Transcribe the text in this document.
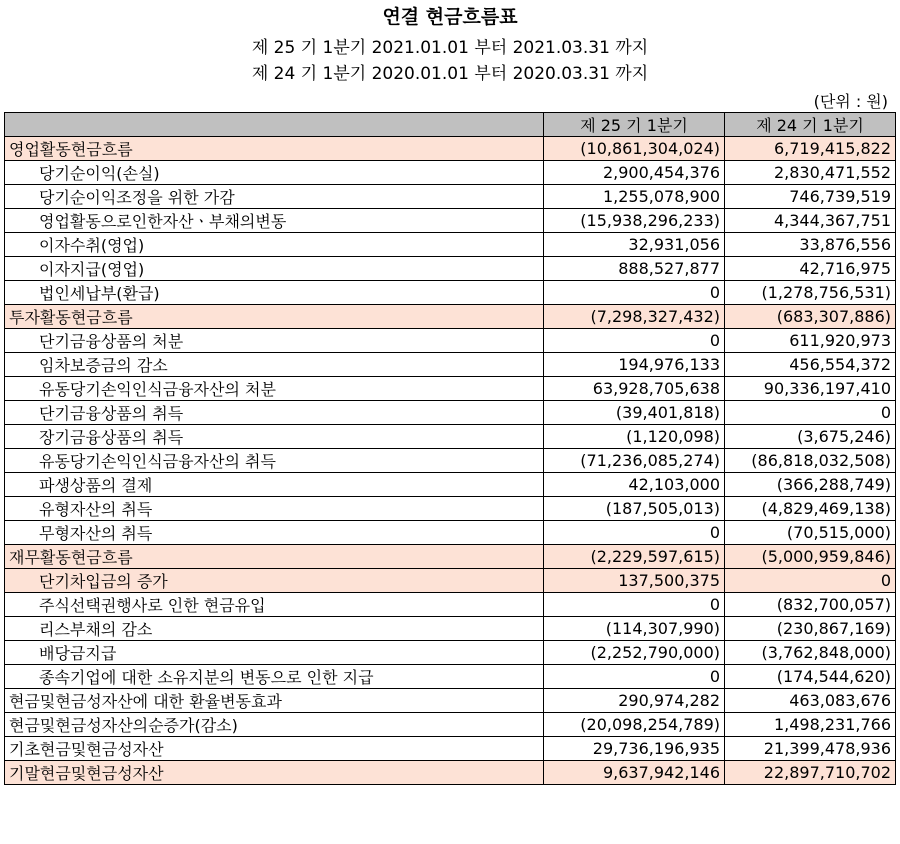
연결 현금흐름표
제 25 기 1분기 2021.01.01 부터 2021.03.31 까지
제 24 기 1분기 2020.01.01 부터 2020.03.31 까지
(단위 : 원)
	제 25 기 1분기	제 24 기 1분기
영업활동현금흐름	(10,861,304,024)	6,719,415,822
당기순이익(손실)	2,900,454,376	2,830,471,552
당기순이익조정을 위한 가감	1,255,078,900	746,739,519
영업활동으로인한자산ㆍ부채의변동	(15,938,296,233)	4,344,367,751
이자수취(영업)	32,931,056	33,876,556
이자지급(영업)	888,527,877	42,716,975
법인세납부(환급)	0	(1,278,756,531)
투자활동현금흐름	(7,298,327,432)	(683,307,886)
단기금융상품의 처분	0	611,920,973
임차보증금의 감소	194,976,133	456,554,372
유동당기손익인식금융자산의 처분	63,928,705,638	90,336,197,410
단기금융상품의 취득	(39,401,818)	0
장기금융상품의 취득	(1,120,098)	(3,675,246)
유동당기손익인식금융자산의 취득	(71,236,085,274)	(86,818,032,508)
파생상품의 결제	42,103,000	(366,288,749)
유형자산의 취득	(187,505,013)	(4,829,469,138)
무형자산의 취득	0	(70,515,000)
재무활동현금흐름	(2,229,597,615)	(5,000,959,846)
단기차입금의 증가	137,500,375	0
주식선택권행사로 인한 현금유입	0	(832,700,057)
리스부채의 감소	(114,307,990)	(230,867,169)
배당금지급	(2,252,790,000)	(3,762,848,000)
종속기업에 대한 소유지분의 변동으로 인한 지급	0	(174,544,620)
현금및현금성자산에 대한 환율변동효과	290,974,282	463,083,676
현금및현금성자산의순증가(감소)	(20,098,254,789)	1,498,231,766
기초현금및현금성자산	29,736,196,935	21,399,478,936
기말현금및현금성자산	9,637,942,146	22,897,710,702
